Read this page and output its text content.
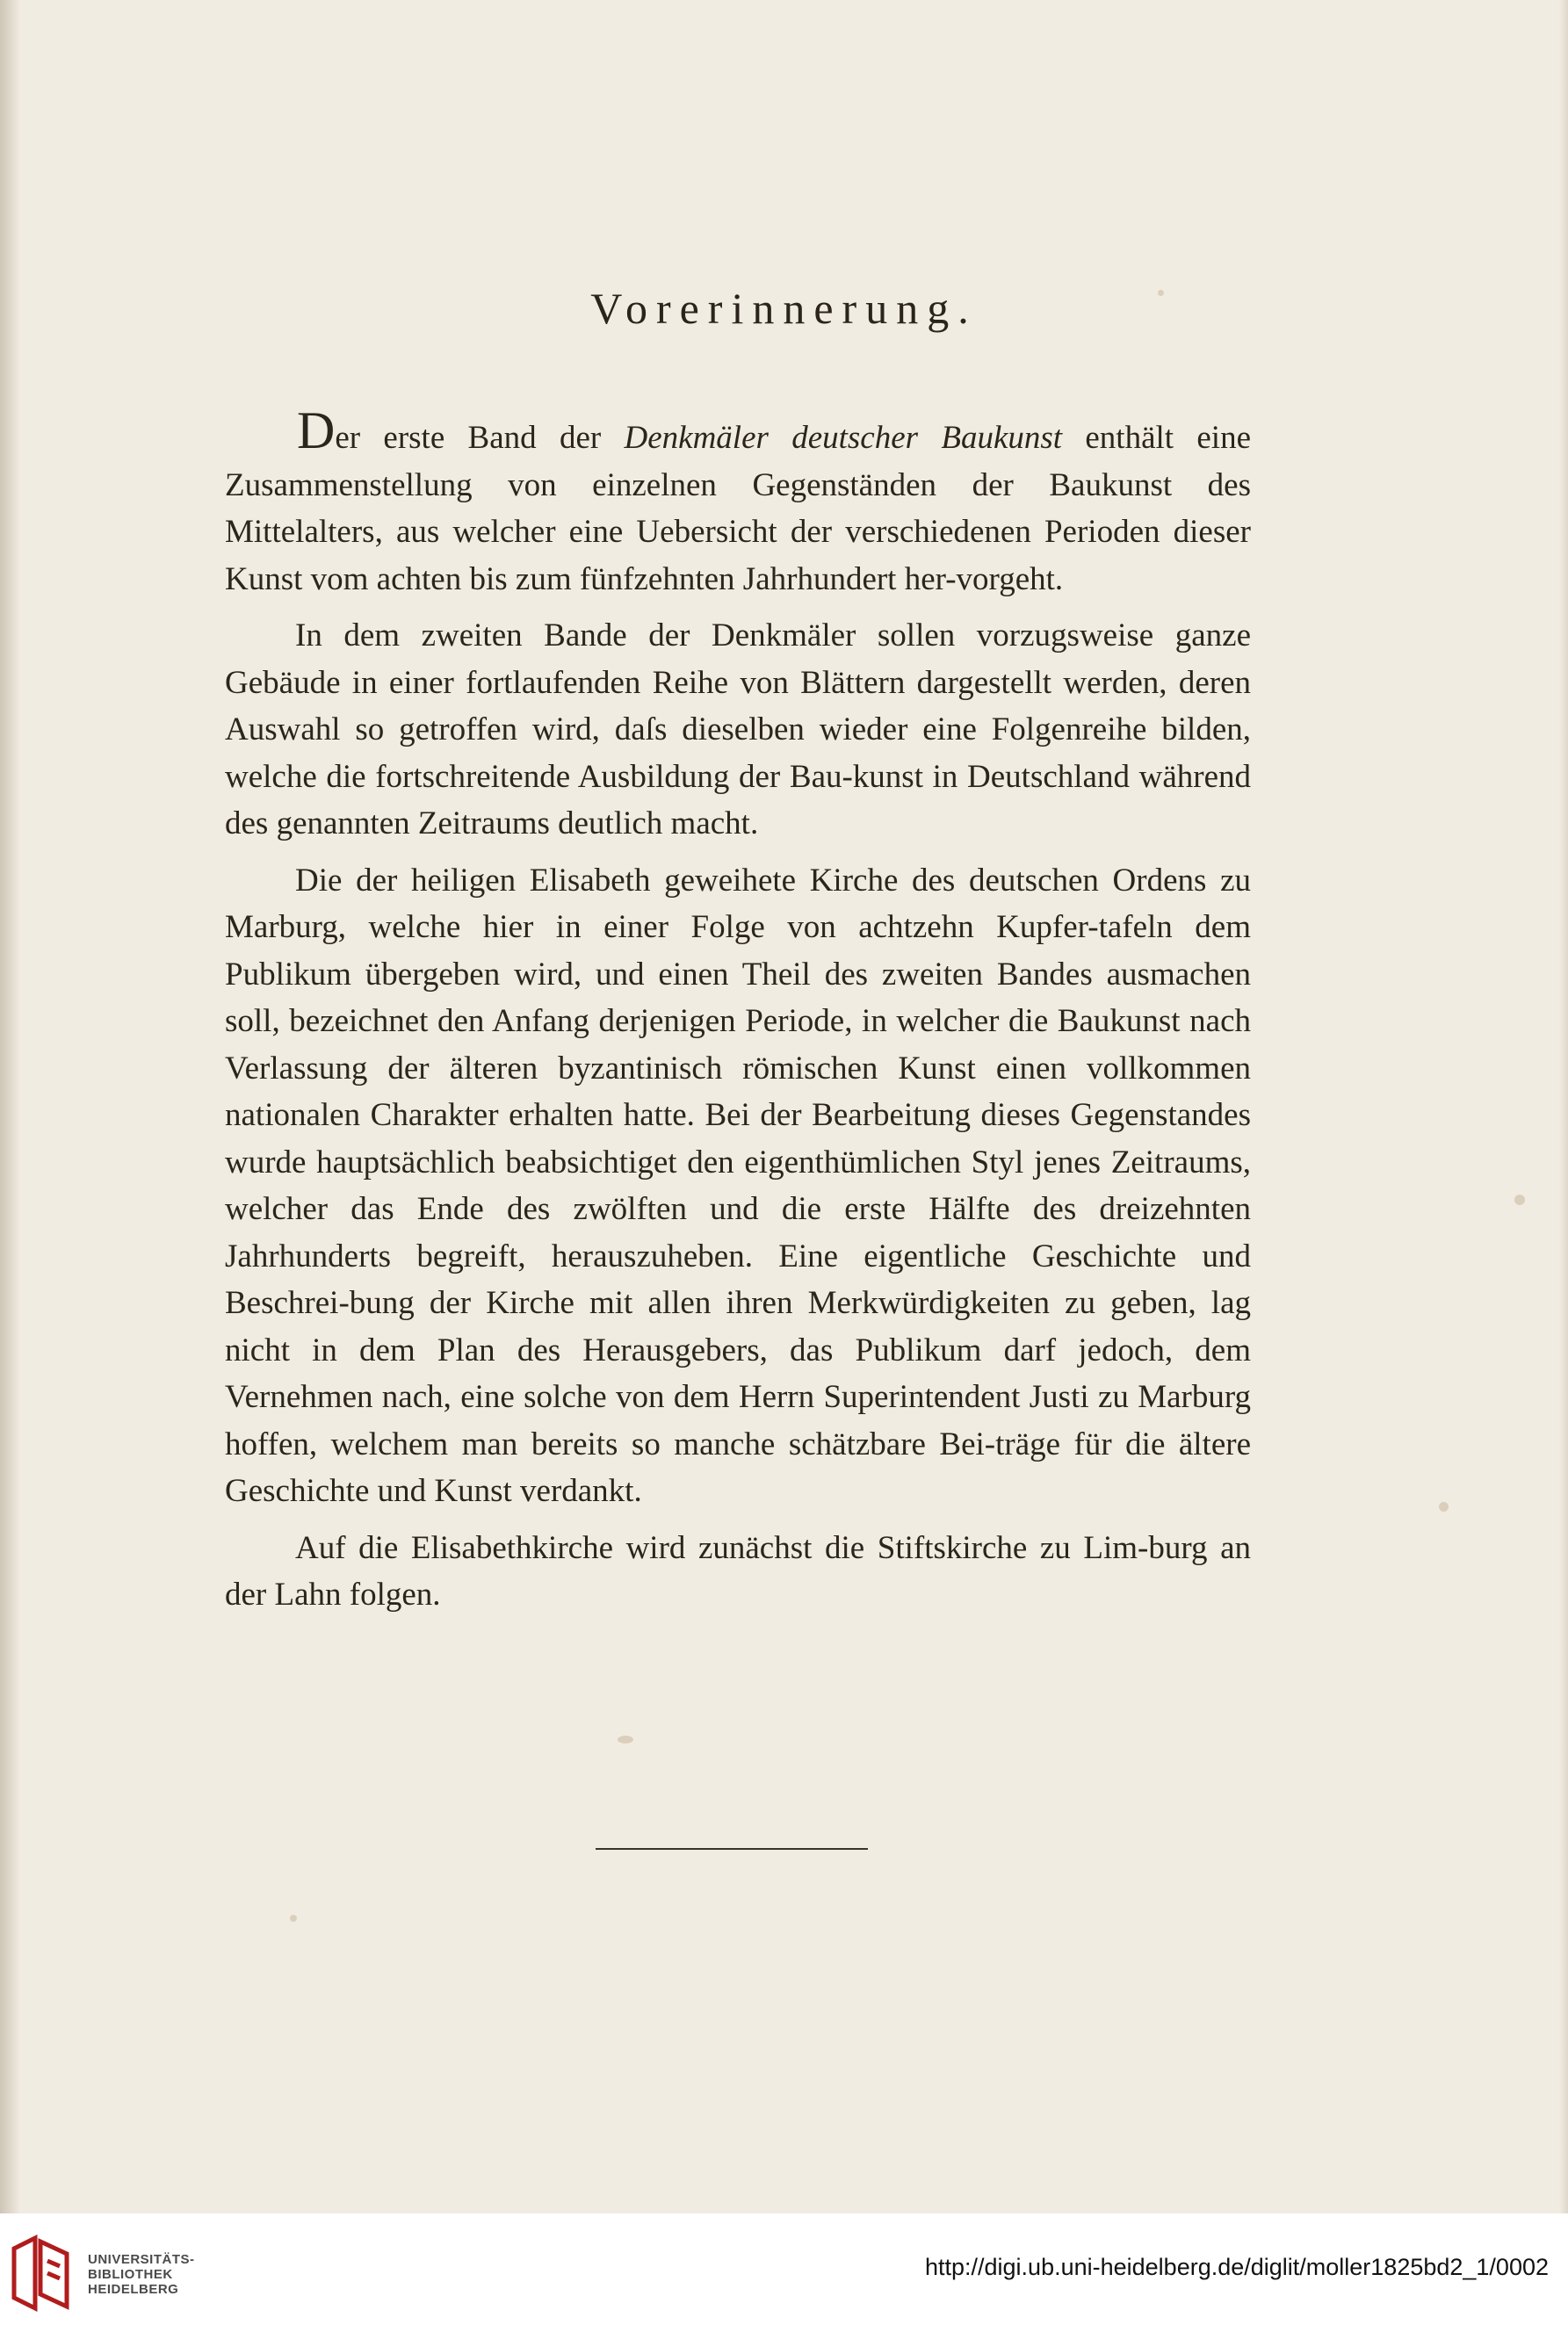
Vorerinnerung.

Der erste Band der Denkmäler deutscher Baukunst enthält eine Zusammenstellung von einzelnen Gegenständen der Baukunst des Mittelalters, aus welcher eine Uebersicht der verschiedenen Perioden dieser Kunst vom achten bis zum fünfzehnten Jahrhundert her-vorgeht.

In dem zweiten Bande der Denkmäler sollen vorzugsweise ganze Gebäude in einer fortlaufenden Reihe von Blättern dargestellt werden, deren Auswahl so getroffen wird, daſs dieselben wieder eine Folgenreihe bilden, welche die fortschreitende Ausbildung der Bau-kunst in Deutschland während des genannten Zeitraums deutlich macht.

Die der heiligen Elisabeth geweihete Kirche des deutschen Ordens zu Marburg, welche hier in einer Folge von achtzehn Kupfer-tafeln dem Publikum übergeben wird, und einen Theil des zweiten Bandes ausmachen soll, bezeichnet den Anfang derjenigen Periode, in welcher die Baukunst nach Verlassung der älteren byzantinisch römischen Kunst einen vollkommen nationalen Charakter erhalten hatte. Bei der Bearbeitung dieses Gegenstandes wurde hauptsächlich beabsichtiget den eigenthümlichen Styl jenes Zeitraums, welcher das Ende des zwölften und die erste Hälfte des dreizehnten Jahrhunderts begreift, herauszuheben. Eine eigentliche Geschichte und Beschrei-bung der Kirche mit allen ihren Merkwürdigkeiten zu geben, lag nicht in dem Plan des Herausgebers, das Publikum darf jedoch, dem Vernehmen nach, eine solche von dem Herrn Superintendent Justi zu Marburg hoffen, welchem man bereits so manche schätzbare Bei-träge für die ältere Geschichte und Kunst verdankt.

Auf die Elisabethkirche wird zunächst die Stiftskirche zu Lim-burg an der Lahn folgen.

UNIVERSITÄTS-
BIBLIOTHEK
HEIDELBERG
http://digi.ub.uni-heidelberg.de/diglit/moller1825bd2_1/0002
